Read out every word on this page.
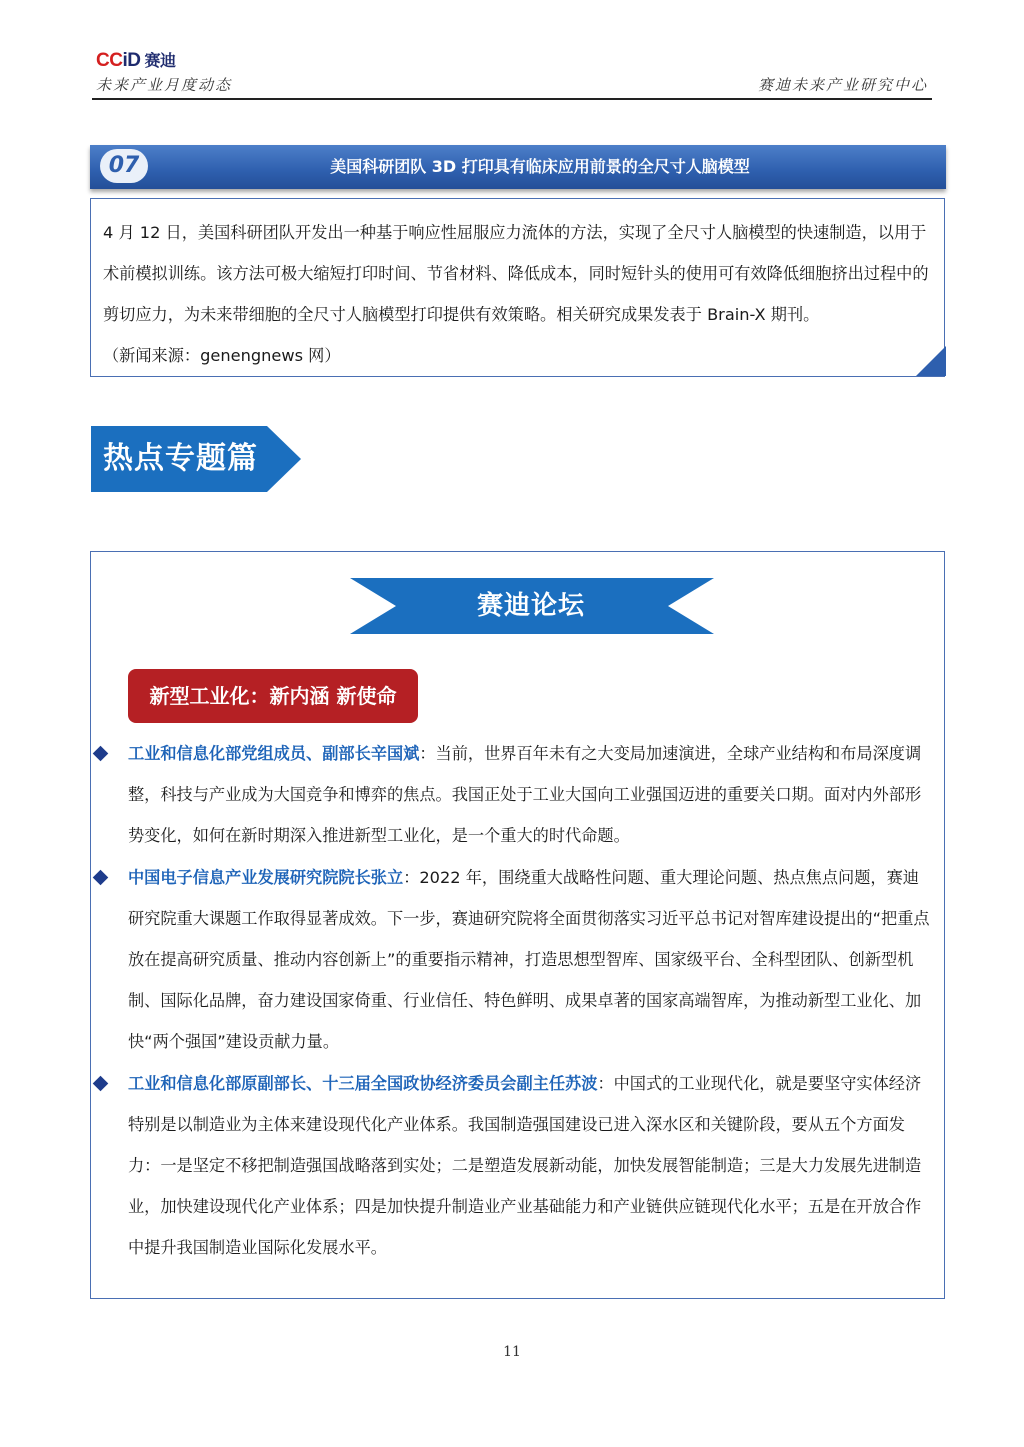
CCiD 赛迪
未来产业月度动态	赛迪未来产业研究中心
07	美国科研团队 3D 打印具有临床应用前景的全尺寸人脑模型
4 月 12 日，美国科研团队开发出一种基于响应性屈服应力流体的方法，实现了全尺寸人脑模型的快速制造，以用于术前模拟训练。该方法可极大缩短打印时间、节省材料、降低成本，同时短针头的使用可有效降低细胞挤出过程中的剪切应力，为未来带细胞的全尺寸人脑模型打印提供有效策略。相关研究成果发表于 Brain-X 期刊。
（新闻来源：genengnews 网）
热点专题篇
赛迪论坛
新型工业化：新内涵 新使命
工业和信息化部党组成员、副部长辛国斌：当前，世界百年未有之大变局加速演进，全球产业结构和布局深度调整，科技与产业成为大国竞争和博弈的焦点。我国正处于工业大国向工业强国迈进的重要关口期。面对内外部形势变化，如何在新时期深入推进新型工业化，是一个重大的时代命题。
中国电子信息产业发展研究院院长张立：2022 年，围绕重大战略性问题、重大理论问题、热点焦点问题，赛迪研究院重大课题工作取得显著成效。下一步，赛迪研究院将全面贯彻落实习近平总书记对智库建设提出的“把重点放在提高研究质量、推动内容创新上”的重要指示精神，打造思想型智库、国家级平台、全科型团队、创新型机制、国际化品牌，奋力建设国家倚重、行业信任、特色鲜明、成果卓著的国家高端智库，为推动新型工业化、加快“两个强国”建设贡献力量。
工业和信息化部原副部长、十三届全国政协经济委员会副主任苏波：中国式的工业现代化，就是要坚守实体经济特别是以制造业为主体来建设现代化产业体系。我国制造强国建设已进入深水区和关键阶段，要从五个方面发力：一是坚定不移把制造强国战略落到实处；二是塑造发展新动能，加快发展智能制造；三是大力发展先进制造业，加快建设现代化产业体系；四是加快提升制造业产业基础能力和产业链供应链现代化水平；五是在开放合作中提升我国制造业国际化发展水平。
11
